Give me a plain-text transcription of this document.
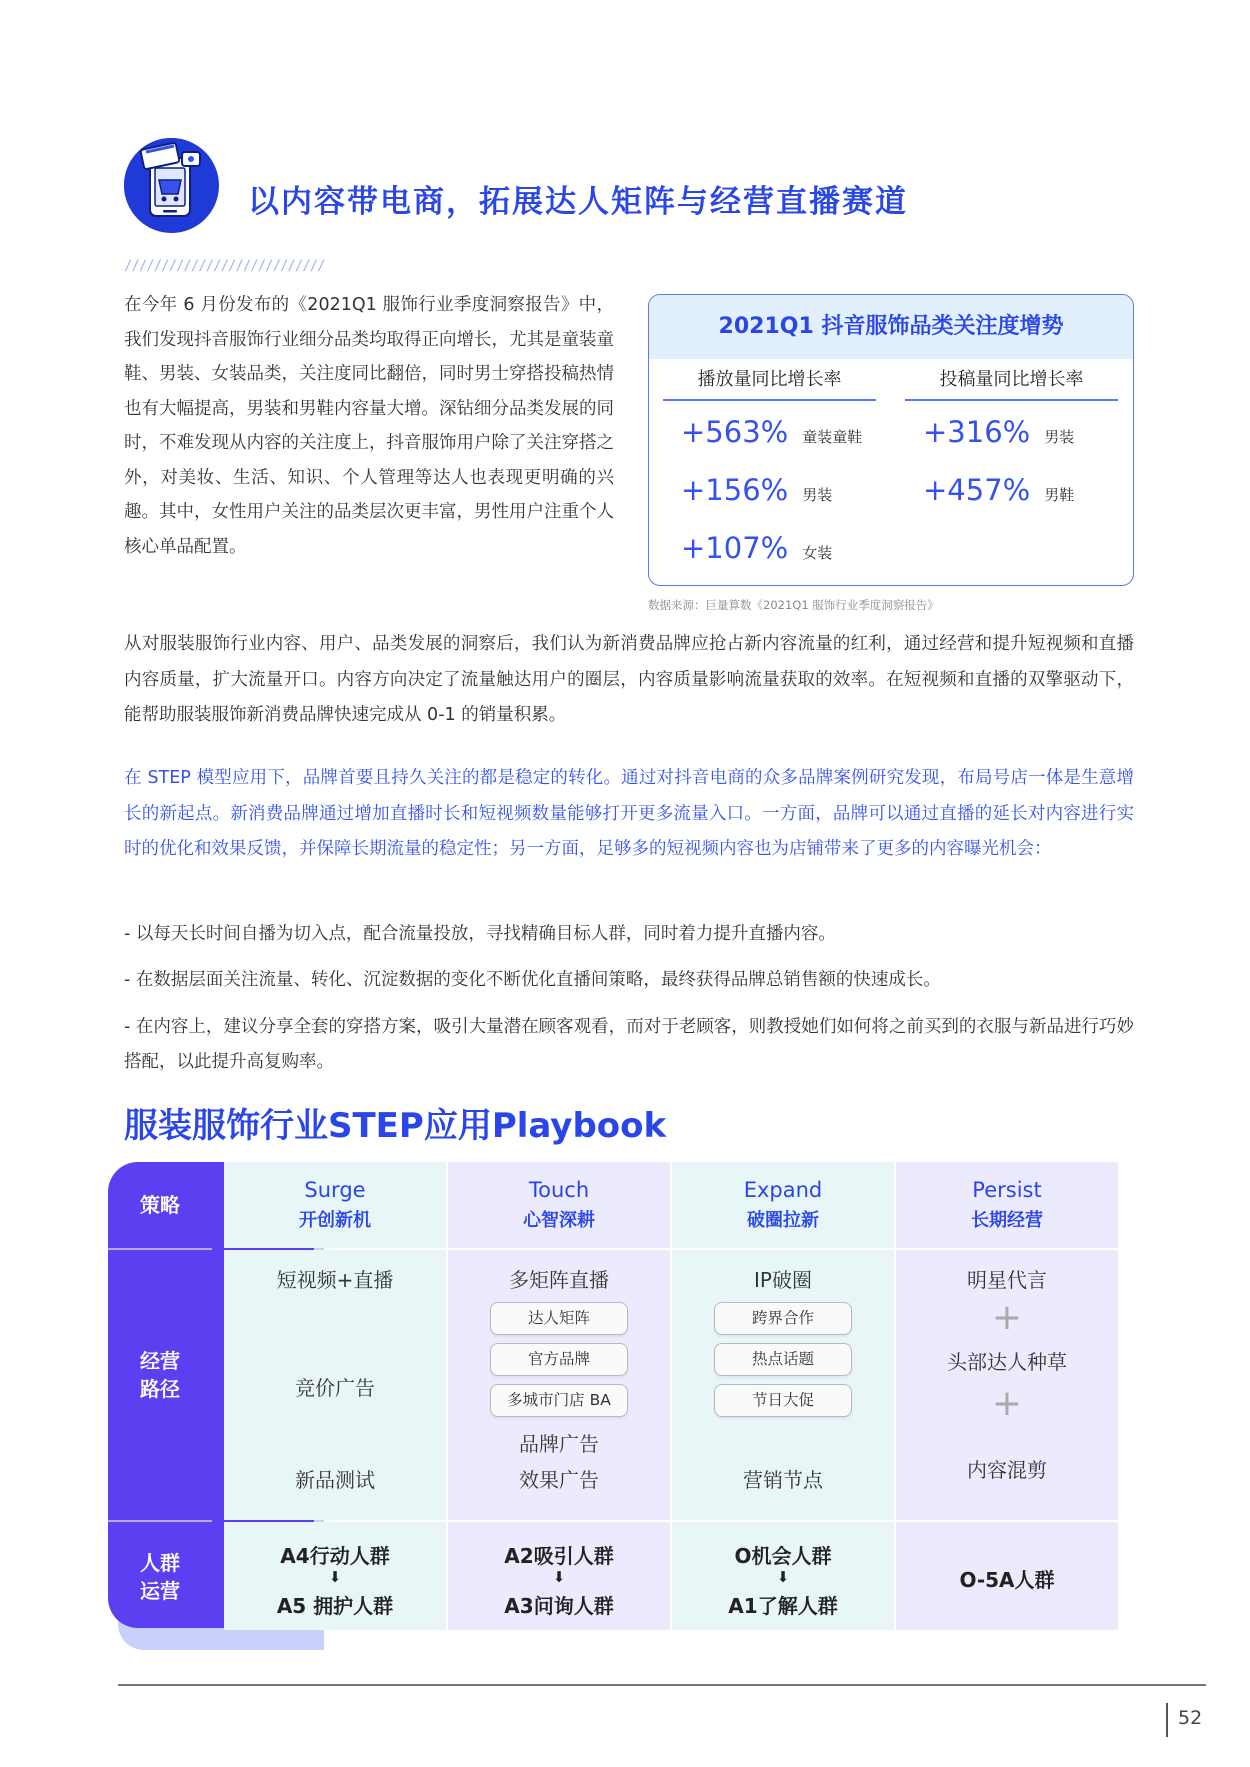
以内容带电商，拓展达人矩阵与经营直播赛道
///////////////////////////
在今年 6 月份发布的《2021Q1 服饰行业季度洞察报告》中，我们发现抖音服饰行业细分品类均取得正向增长，尤其是童装童鞋、男装、女装品类，关注度同比翻倍，同时男士穿搭投稿热情也有大幅提高，男装和男鞋内容量大增。深钻细分品类发展的同时，不难发现从内容的关注度上，抖音服饰用户除了关注穿搭之外，对美妆、生活、知识、个人管理等达人也表现更明确的兴趣。其中，女性用户关注的品类层次更丰富，男性用户注重个人核心单品配置。
2021Q1 抖音服饰品类关注度增势
播放量同比增长率
+563% 童装童鞋
+156% 男装
+107% 女装
投稿量同比增长率
+316% 男装
+457% 男鞋
数据来源：巨量算数《2021Q1 服饰行业季度洞察报告》
从对服装服饰行业内容、用户、品类发展的洞察后，我们认为新消费品牌应抢占新内容流量的红利，通过经营和提升短视频和直播内容质量，扩大流量开口。内容方向决定了流量触达用户的圈层，内容质量影响流量获取的效率。在短视频和直播的双擎驱动下，能帮助服装服饰新消费品牌快速完成从 0-1 的销量积累。
在 STEP 模型应用下，品牌首要且持久关注的都是稳定的转化。通过对抖音电商的众多品牌案例研究发现，布局号店一体是生意增长的新起点。新消费品牌通过增加直播时长和短视频数量能够打开更多流量入口。一方面，品牌可以通过直播的延长对内容进行实时的优化和效果反馈，并保障长期流量的稳定性；另一方面，足够多的短视频内容也为店铺带来了更多的内容曝光机会：
- 以每天长时间自播为切入点，配合流量投放，寻找精确目标人群，同时着力提升直播内容。
- 在数据层面关注流量、转化、沉淀数据的变化不断优化直播间策略，最终获得品牌总销售额的快速成长。
- 在内容上，建议分享全套的穿搭方案，吸引大量潜在顾客观看，而对于老顾客，则教授她们如何将之前买到的衣服与新品进行巧妙搭配，以此提升高复购率。
服装服饰行业STEP应用Playbook
策略
经营
路径
人群
运营
Surge
开创新机
短视频+直播
竞价广告
新品测试
A4行动人群
⬇
A5 拥护人群
Touch
心智深耕
多矩阵直播
达人矩阵
官方品牌
多城市门店 BA
品牌广告
效果广告
A2吸引人群
⬇
A3问询人群
Expand
破圈拉新
IP破圈
跨界合作
热点话题
节日大促
营销节点
O机会人群
⬇
A1了解人群
Persist
长期经营
明星代言
+
头部达人种草
+
内容混剪
O-5A人群
52
